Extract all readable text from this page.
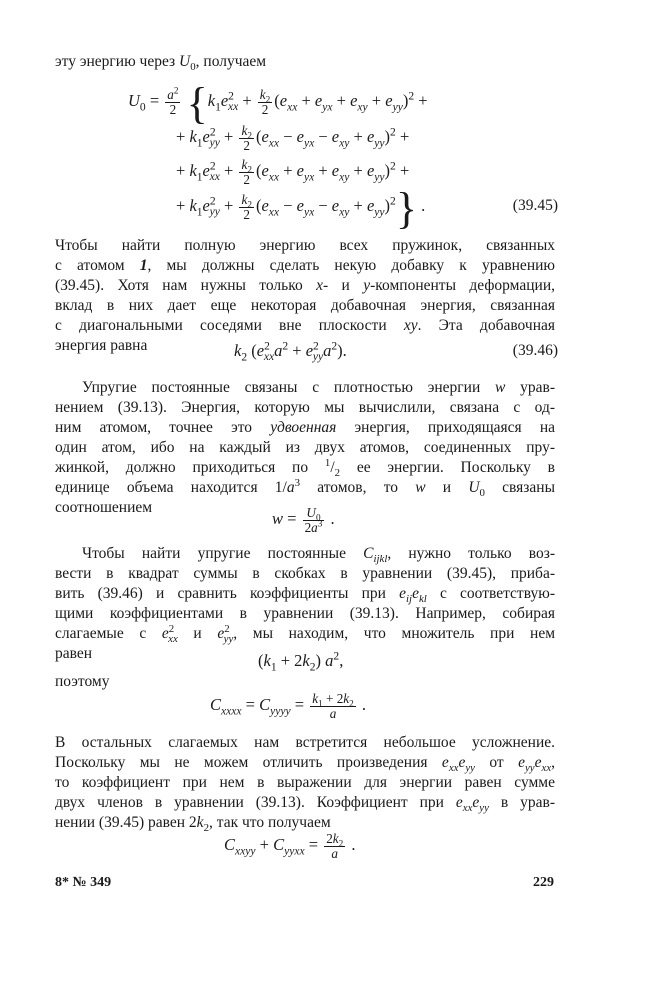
эту энергию через $U_0$, получаем
$U_0 = \frac{a^2}{2} \{k_1e^2_{xx} + \frac{k_2}{2} (e_{xx} + e_{yx} + e_{xy} + e_{yy})^2$ +
+ $k_1e^2_{yy} + \frac{k_2}{2} (e_{xx} - e_{yx} - e_{xy} + e_{yy})^2$ +
+ $k_1e^2_{xx} + \frac{k_2}{2} (e_{xx} + e_{yx} + e_{xy} + e_{yy})^2$ +
+ $k_1e^2_{yy} + \frac{k_2}{2} (e_{xx} - e_{yx} - e_{xy} + e_{yy})^2$} .	(39.45)
Чтобы найти полную энергию всех пружинок, связанных
с атомом 1, мы должны сделать некую добавку к уравнению
(39.45). Хотя нам нужны только x- и y-компоненты деформации,
вклад в них дает еще некоторая добавочная энергия, связанная
с диагональными соседями вне плоскости xy. Эта добавочная
энергия равна	$k_2$ $(e^2_{xx}a^2 + e^2_{yy}a^2)$.	(39.46)
Упругие постоянные связаны с плотностью энергии w урав-
нением (39.13). Энергия, которую мы вычислили, связана с од-
ним атомом, точнее это удвоенная энергия, приходящаяся на
один атом, ибо на каждый из двух атомов, соединенных пру-
жинкой, должно приходиться по $^1/_2$ ее энергии. Поскольку в
единице объема находится $1/a^3$ атомов, то w и $U_0$ связаны
соотношением
$w = \frac{U_0}{2a^3}$ .
Чтобы найти упругие постоянные $C_{ijkl}$, нужно только воз-
вести в квадрат суммы в скобках в уравнении (39.45), приба-
вить (39.46) и сравнить коэффициенты при $e_{ij}e_{kl}$ с соответствую-
щими коэффициентами в уравнении (39.13). Например, собирая
слагаемые с $e^2_{xx}$ и $e^2_{yy}$, мы находим, что множитель при нем
равен	$(k_1 + 2k_2)$ $a^2$,
поэтому
$C_{xxxx} = C_{yyyy} = \frac{k_1 + 2k_2}{a}$ .
В остальных слагаемых нам встретится небольшое усложнение.
Поскольку мы не можем отличить произведения $e_{xx}e_{yy}$ от $e_{yy}e_{xx}$,
то коэффициент при нем в выражении для энергии равен сумме
двух членов в уравнении (39.13). Коэффициент при $e_{xx}e_{yy}$ в урав-
нении (39.45) равен $2k_2$, так что получаем
$C_{xxyy} + C_{yyxx} = \frac{2k_2}{a}$ .
8* № 349	229
